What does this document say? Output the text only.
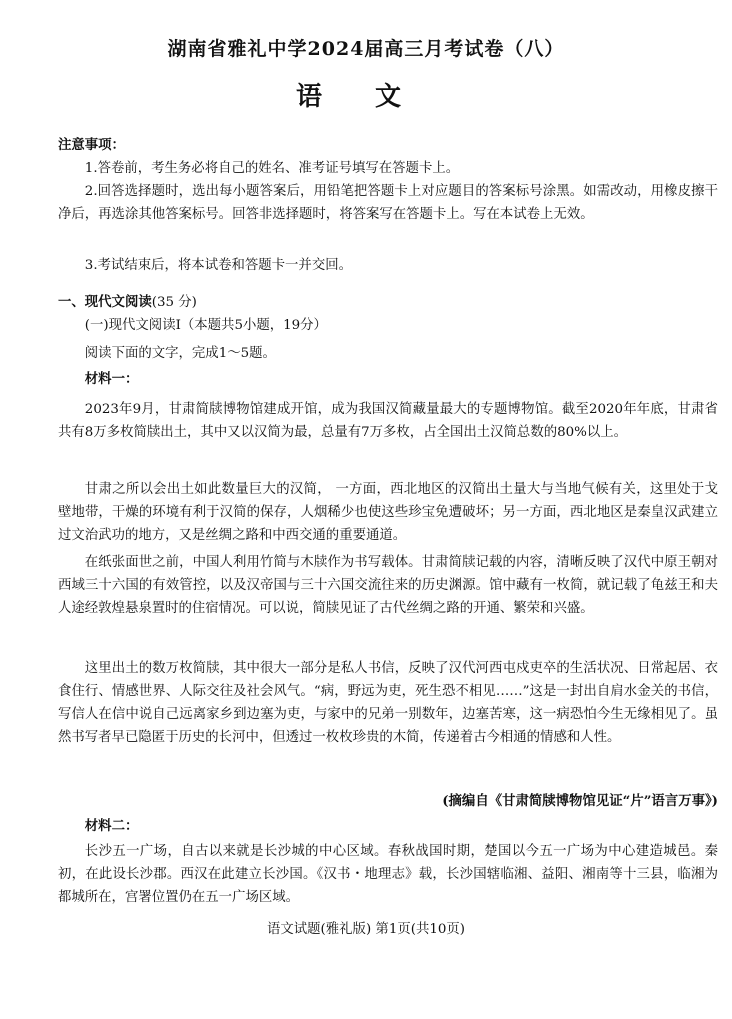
湖南省雅礼中学2024届高三月考试卷（八）
语 文
注意事项：
1.答卷前，考生务必将自己的姓名、准考证号填写在答题卡上。
2.回答选择题时，选出每小题答案后，用铅笔把答题卡上对应题目的答案标号涂黑。如需改动，用橡皮擦干净后，再选涂其他答案标号。回答非选择题时，将答案写在答题卡上。写在本试卷上无效。
3.考试结束后，将本试卷和答题卡一并交回。
一、现代文阅读(35 分)
(一)现代文阅读I（本题共5小题，19分）
阅读下面的文字，完成1～5题。
材料一：
2023年9月，甘肃简牍博物馆建成开馆，成为我国汉简藏量最大的专题博物馆。截至2020年年底，甘肃省共有8万多枚简牍出土，其中又以汉简为最，总量有7万多枚，占全国出土汉简总数的80%以上。
甘肃之所以会出土如此数量巨大的汉简， 一方面，西北地区的汉简出土量大与当地气候有关，这里处于戈壁地带，干燥的环境有利于汉简的保存，人烟稀少也使这些珍宝免遭破坏；另一方面，西北地区是秦皇汉武建立过文治武功的地方，又是丝绸之路和中西交通的重要通道。
在纸张面世之前，中国人利用竹简与木牍作为书写载体。甘肃简牍记载的内容，清晰反映了汉代中原王朝对西域三十六国的有效管控，以及汉帝国与三十六国交流往来的历史渊源。馆中藏有一枚简，就记载了龟兹王和夫人途经敦煌悬泉置时的住宿情况。可以说，简牍见证了古代丝绸之路的开通、繁荣和兴盛。
这里出土的数万枚简牍，其中很大一部分是私人书信，反映了汉代河西屯戍吏卒的生活状况、日常起居、衣食住行、情感世界、人际交往及社会风气。“病，野远为吏，死生恐不相见……”这是一封出自肩水金关的书信，写信人在信中说自己远离家乡到边塞为吏，与家中的兄弟一别数年，边塞苦寒，这一病恐怕今生无缘相见了。虽然书写者早已隐匿于历史的长河中，但透过一枚枚珍贵的木简，传递着古今相通的情感和人性。
(摘编自《甘肃简牍博物馆见证“片”语言万事》)
材料二：
长沙五一广场，自古以来就是长沙城的中心区域。春秋战国时期，楚国以今五一广场为中心建造城邑。秦初，在此设长沙郡。西汉在此建立长沙国。《汉书・地理志》载，长沙国辖临湘、益阳、湘南等十三县，临湘为都城所在，宫署位置仍在五一广场区域。
语文试题(雅礼版) 第1页(共10页)
